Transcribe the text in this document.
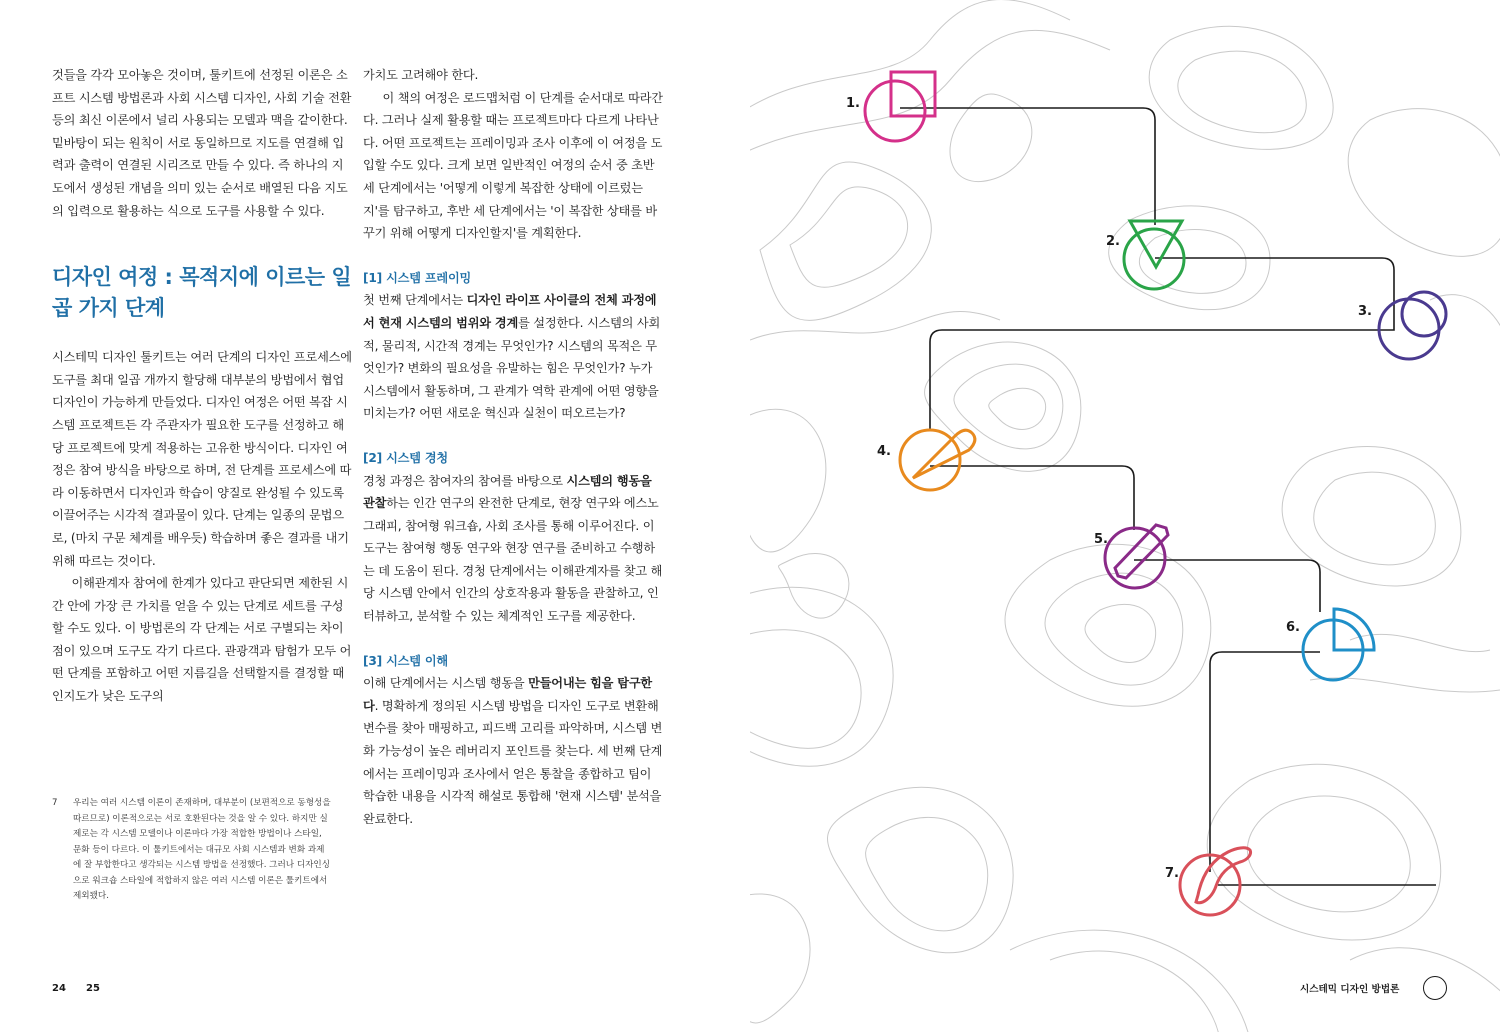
것들을 각각 모아놓은 것이며, 툴키트에 선정된 이론은 소프트 시스템 방법론과 사회 시스템 디자인, 사회 기술 전환 등의 최신 이론에서 널리 사용되는 모델과 맥을 같이한다. 밑바탕이 되는 원칙이 서로 동일하므로 지도를 연결해 입력과 출력이 연결된 시리즈로 만들 수 있다. 즉 하나의 지도에서 생성된 개념을 의미 있는 순서로 배열된 다음 지도의 입력으로 활용하는 식으로 도구를 사용할 수 있다.

디자인 여정 : 목적지에 이르는 일곱 가지 단계

시스테믹 디자인 툴키트는 여러 단계의 디자인 프로세스에 도구를 최대 일곱 개까지 할당해 대부분의 방법에서 협업 디자인이 가능하게 만들었다. 디자인 여정은 어떤 복잡 시스템 프로젝트든 각 주관자가 필요한 도구를 선정하고 해당 프로젝트에 맞게 적용하는 고유한 방식이다. 디자인 여정은 참여 방식을 바탕으로 하며, 전 단계를 프로세스에 따라 이동하면서 디자인과 학습이 양질로 완성될 수 있도록 이끌어주는 시각적 결과물이 있다. 단계는 일종의 문법으로, (마치 구문 체계를 배우듯) 학습하며 좋은 결과를 내기 위해 따르는 것이다.

이해관계자 참여에 한계가 있다고 판단되면 제한된 시간 안에 가장 큰 가치를 얻을 수 있는 단계로 세트를 구성할 수도 있다. 이 방법론의 각 단계는 서로 구별되는 차이점이 있으며 도구도 각기 다르다. 관광객과 탐험가 모두 어떤 단계를 포함하고 어떤 지름길을 선택할지를 결정할 때 인지도가 낮은 도구의

가치도 고려해야 한다.

이 책의 여정은 로드맵처럼 이 단계를 순서대로 따라간다. 그러나 실제 활용할 때는 프로젝트마다 다르게 나타난다. 어떤 프로젝트는 프레이밍과 조사 이후에 이 여정을 도입할 수도 있다. 크게 보면 일반적인 여정의 순서 중 초반 세 단계에서는 '어떻게 이렇게 복잡한 상태에 이르렀는지'를 탐구하고, 후반 세 단계에서는 '이 복잡한 상태를 바꾸기 위해 어떻게 디자인할지'를 계획한다.

[1] 시스템 프레이밍

첫 번째 단계에서는 디자인 라이프 사이클의 전체 과정에서 현재 시스템의 범위와 경계를 설정한다. 시스템의 사회적, 물리적, 시간적 경계는 무엇인가? 시스템의 목적은 무엇인가? 변화의 필요성을 유발하는 힘은 무엇인가? 누가 시스템에서 활동하며, 그 관계가 역학 관계에 어떤 영향을 미치는가? 어떤 새로운 혁신과 실천이 떠오르는가?

[2] 시스템 경청

경청 과정은 참여자의 참여를 바탕으로 시스템의 행동을 관찰하는 인간 연구의 완전한 단계로, 현장 연구와 에스노그래피, 참여형 워크숍, 사회 조사를 통해 이루어진다. 이 도구는 참여형 행동 연구와 현장 연구를 준비하고 수행하는 데 도움이 된다. 경청 단계에서는 이해관계자를 찾고 해당 시스템 안에서 인간의 상호작용과 활동을 관찰하고, 인터뷰하고, 분석할 수 있는 체계적인 도구를 제공한다.

[3] 시스템 이해

이해 단계에서는 시스템 행동을 만들어내는 힘을 탐구한다. 명확하게 정의된 시스템 방법을 디자인 도구로 변환해 변수를 찾아 매핑하고, 피드백 고리를 파악하며, 시스템 변화 가능성이 높은 레버리지 포인트를 찾는다. 세 번째 단계에서는 프레이밍과 조사에서 얻은 통찰을 종합하고 팀이 학습한 내용을 시각적 해설로 통합해 '현재 시스템' 분석을 완료한다.

7 우리는 여러 시스템 이론이 존재하며, 대부분이 (보편적으로 동형성을 따르므로) 이론적으로는 서로 호환된다는 것을 알 수 있다. 하지만 실제로는 각 시스템 모델이나 이론마다 가장 적합한 방법이나 스타일, 문화 등이 다르다. 이 툴키트에서는 대규모 사회 시스템과 변화 과제에 잘 부합한다고 생각되는 시스템 방법을 선정했다. 그러나 디자인싱으로 워크숍 스타일에 적합하지 않은 여러 시스템 이론은 툴키트에서 제외됐다.
24 25
1.
2.
3.
4.
5.
6.
7.
시스테믹 디자인 방법론
